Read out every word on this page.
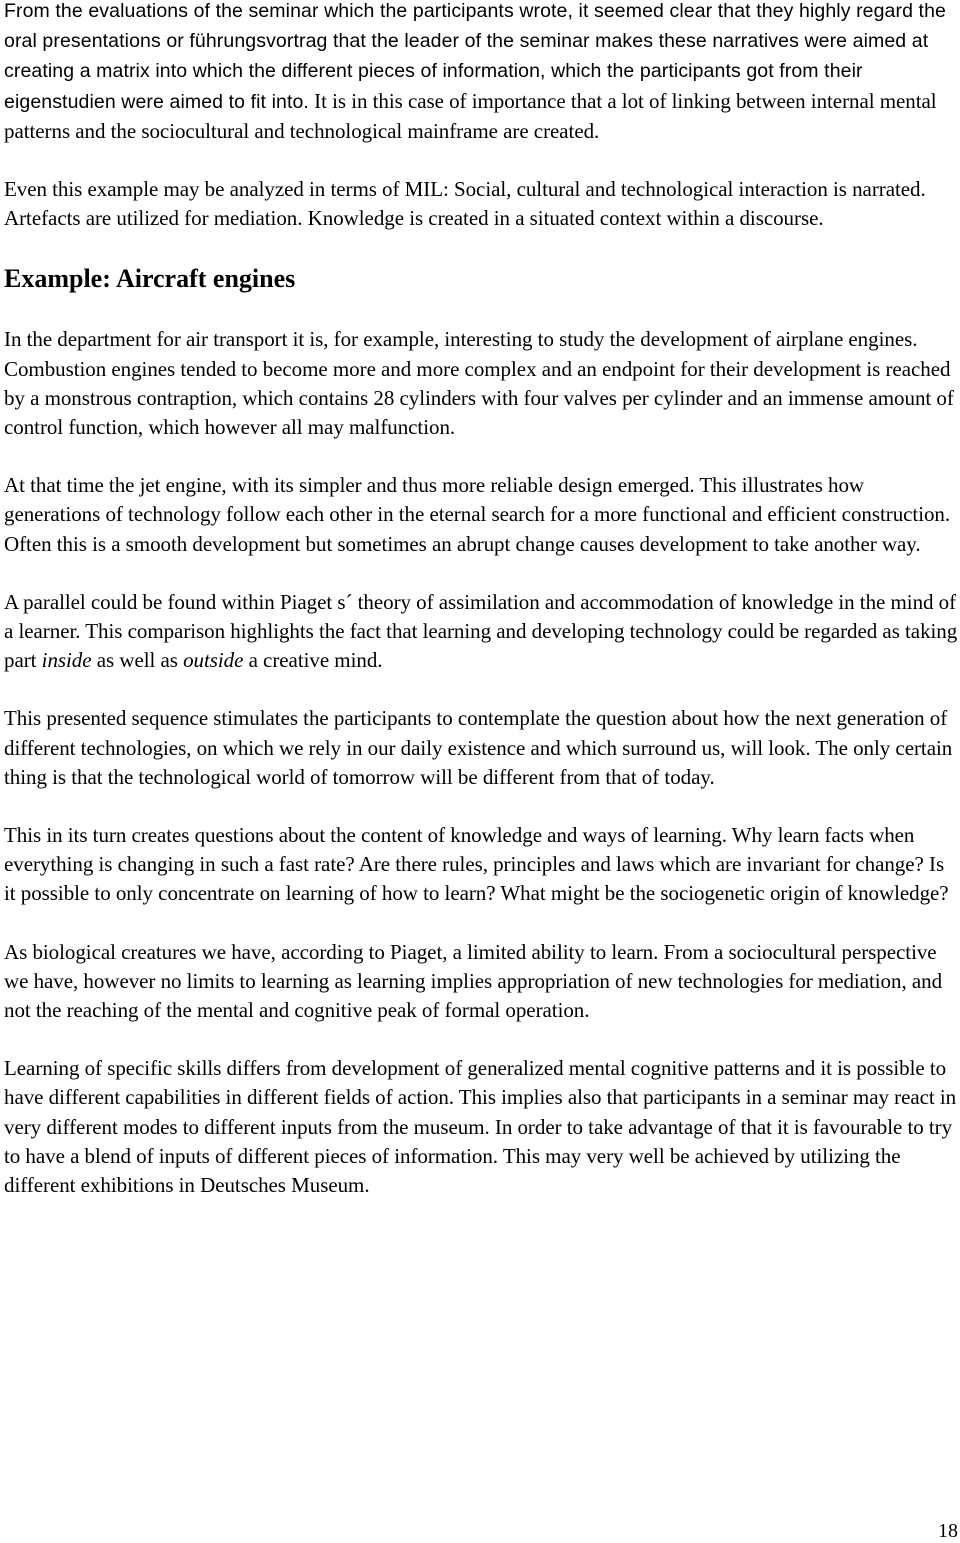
From the evaluations of the seminar which the participants wrote, it seemed clear that they highly regard the oral presentations or führungsvortrag that the leader of the seminar makes these narratives were aimed at creating a matrix into which the different pieces of information, which the participants got from their eigenstudien were aimed to fit into. It is in this case of importance that a lot of linking between internal mental patterns and the sociocultural and technological mainframe are created.

Even this example may be analyzed in terms of MIL: Social, cultural and technological interaction is narrated. Artefacts are utilized for mediation. Knowledge is created in a situated context within a discourse.

Example: Aircraft engines

In the department for air transport it is, for example, interesting to study the development of airplane engines. Combustion engines tended to become more and more complex and an endpoint for their development is reached by a monstrous contraption, which contains 28 cylinders with four valves per cylinder and an immense amount of control function, which however all may malfunction.

At that time the jet engine, with its simpler and thus more reliable design emerged. This illustrates how generations of technology follow each other in the eternal search for a more functional and efficient construction. Often this is a smooth development but sometimes an abrupt change causes development to take another way.

A parallel could be found within Piaget s´ theory of assimilation and accommodation of knowledge in the mind of a learner. This comparison highlights the fact that learning and developing technology could be regarded as taking part inside as well as outside a creative mind.

This presented sequence stimulates the participants to contemplate the question about how the next generation of different technologies, on which we rely in our daily existence and which surround us, will look. The only certain thing is that the technological world of tomorrow will be different from that of today.

This in its turn creates questions about the content of knowledge and ways of learning. Why learn facts when everything is changing in such a fast rate? Are there rules, principles and laws which are invariant for change? Is it possible to only concentrate on learning of how to learn? What might be the sociogenetic origin of knowledge?

As biological creatures we have, according to Piaget, a limited ability to learn. From a sociocultural perspective we have, however no limits to learning as learning implies appropriation of new technologies for mediation, and not the reaching of the mental and cognitive peak of formal operation.

Learning of specific skills differs from development of generalized mental cognitive patterns and it is possible to have different capabilities in different fields of action. This implies also that participants in a seminar may react in very different modes to different inputs from the museum. In order to take advantage of that it is favourable to try to have a blend of inputs of different pieces of information. This may very well be achieved by utilizing the different exhibitions in Deutsches Museum.

18
